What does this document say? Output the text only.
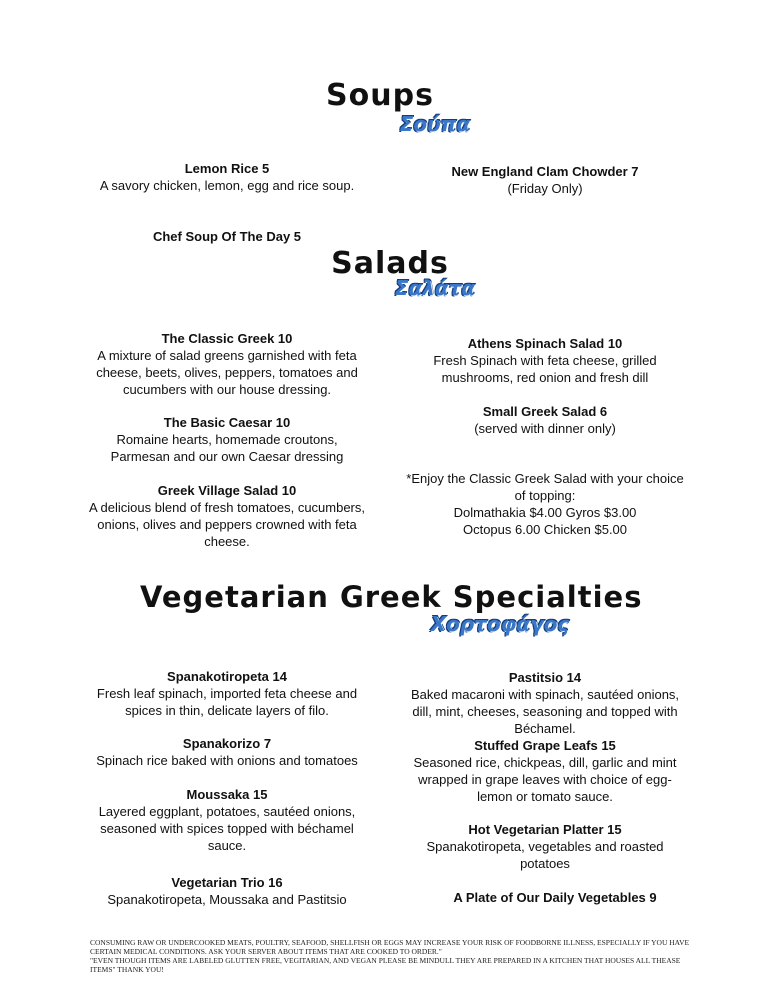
Soups
Σούπα
Lemon Rice 5
A savory chicken, lemon, egg and rice soup.
New England Clam Chowder 7
(Friday Only)
Chef Soup Of The Day 5
Salads
Σαλάτα
The Classic Greek 10
A mixture of salad greens garnished with feta cheese, beets, olives, peppers, tomatoes and cucumbers with our house dressing.
The Basic Caesar 10
Romaine hearts, homemade croutons, Parmesan and our own Caesar dressing
Greek Village Salad 10
A delicious blend of fresh tomatoes, cucumbers, onions, olives and peppers crowned with feta cheese.
Athens Spinach Salad 10
Fresh Spinach with feta cheese, grilled mushrooms, red onion and fresh dill
Small Greek Salad 6
(served with dinner only)
*Enjoy the Classic Greek Salad with your choice of topping:
Dolmathakia $4.00 Gyros $3.00
Octopus 6.00 Chicken $5.00
Vegetarian Greek Specialties
Χορτοφάγος
Spanakotiropeta 14
Fresh leaf spinach, imported feta cheese and spices in thin, delicate layers of filo.
Spanakorizo 7
Spinach rice baked with onions and tomatoes
Moussaka 15
Layered eggplant, potatoes, sautéed onions, seasoned with spices topped with béchamel sauce.
Vegetarian Trio 16
Spanakotiropeta, Moussaka and Pastitsio
Pastitsio 14
Baked macaroni with spinach, sautéed onions, dill, mint, cheeses, seasoning and topped with Béchamel.
Stuffed Grape Leafs 15
Seasoned rice, chickpeas, dill, garlic and mint wrapped in grape leaves with choice of egg-lemon or tomato sauce.
Hot Vegetarian Platter 15
Spanakotiropeta, vegetables and roasted potatoes
A Plate of Our Daily Vegetables 9
CONSUMING RAW OR UNDERCOOKED MEATS, POULTRY, SEAFOOD, SHELLFISH OR EGGS MAY INCREASE YOUR RISK OF FOODBORNE ILLNESS, ESPECIALLY IF YOU HAVE CERTAIN MEDICAL CONDITIONS. ASK YOUR SERVER ABOUT ITEMS THAT ARE COOKED TO ORDER."
"EVEN THOUGH ITEMS ARE LABELED GLUTTEN FREE, VEGITARIAN, AND VEGAN PLEASE BE MINDULL THEY ARE PREPARED IN A KITCHEN THAT HOUSES ALL THEASE ITEMS" THANK YOU!
